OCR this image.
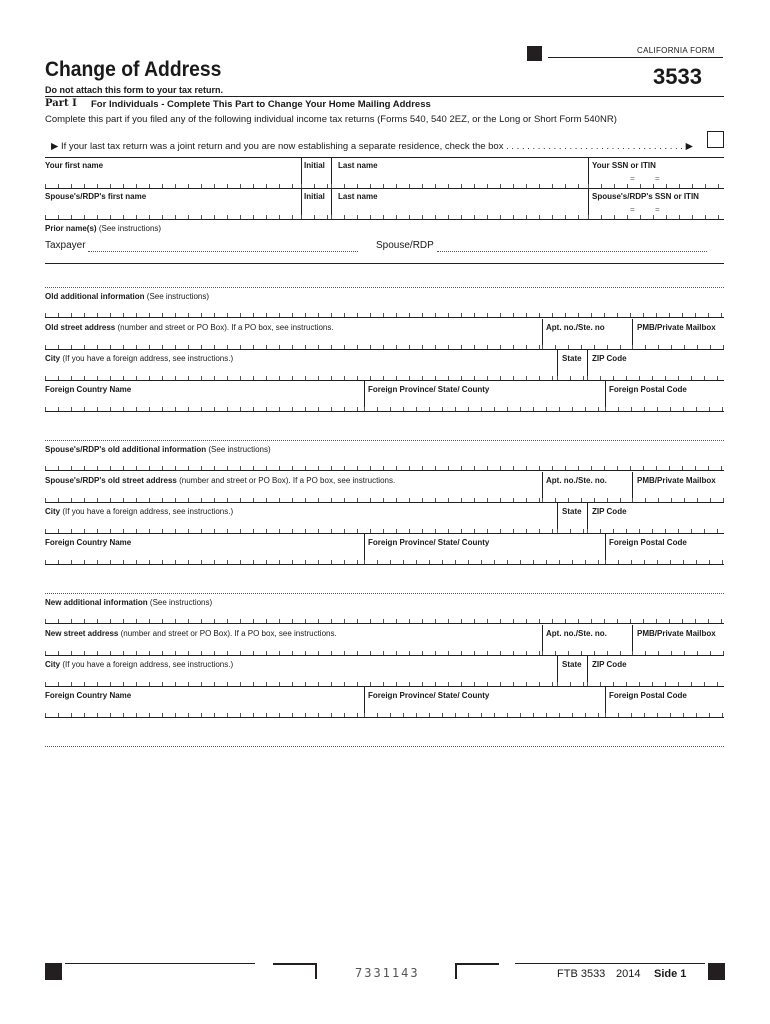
CALIFORNIA FORM
3533
Change of Address
Do not attach this form to your tax return.
Part I For Individuals - Complete This Part to Change Your Home Mailing Address
Complete this part if you filed any of the following individual income tax returns (Forms 540, 540 2EZ, or the Long or Short Form 540NR)
▶ If your last tax return was a joint return and you are now establishing a separate residence, check the box . . . . . . . . . . . . . . . . . . . . . . . . . . . . . . . . . . ▶
Your first name	Initial Last name	Your SSN or ITIN
=      =
Spouse's/RDP's first name	Initial Last name	Spouse's/RDP's SSN or ITIN
=      =
Prior name(s) (See instructions)
Taxpayer	Spouse/RDP
Old additional information (See instructions)
Old street address (number and street or PO Box). If a PO box, see instructions.	Apt. no./Ste. no	PMB/Private Mailbox
City (If you have a foreign address, see instructions.)	State ZIP Code
Foreign Country Name	Foreign Province/ State/ County	Foreign Postal Code
Spouse's/RDP's old additional information (See instructions)
Spouse's/RDP's old street address (number and street or PO Box). If a PO box, see instructions.	Apt. no./Ste. no.	PMB/Private Mailbox
City (If you have a foreign address, see instructions.)	State ZIP Code
Foreign Country Name	Foreign Province/ State/ County	Foreign Postal Code
New additional information (See instructions)
New street address (number and street or PO Box). If a PO box, see instructions.	Apt. no./Ste. no.	PMB/Private Mailbox
City (If you have a foreign address, see instructions.)	State ZIP Code
Foreign Country Name	Foreign Province/ State/ County	Foreign Postal Code
7331143	FTB 3533 2014 Side 1
